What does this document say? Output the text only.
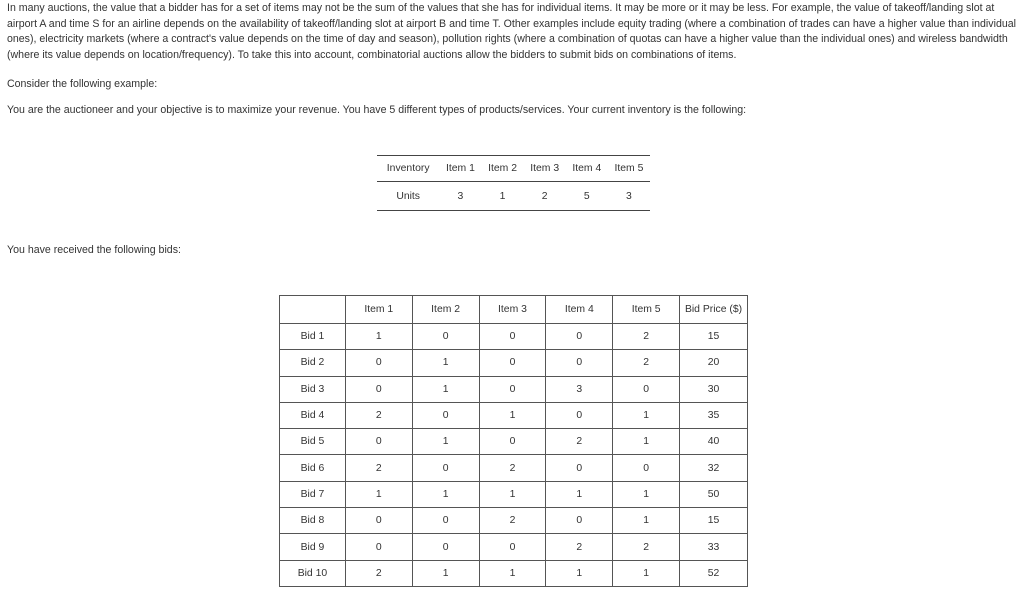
In many auctions, the value that a bidder has for a set of items may not be the sum of the values that she has for individual items. It may be more or it may be less. For example, the value of takeoff/landing slot at airport A and time S for an airline depends on the availability of takeoff/landing slot at airport B and time T. Other examples include equity trading (where a combination of trades can have a higher value than individual ones), electricity markets (where a contract's value depends on the time of day and season), pollution rights (where a combination of quotas can have a higher value than the individual ones) and wireless bandwidth (where its value depends on location/frequency). To take this into account, combinatorial auctions allow the bidders to submit bids on combinations of items.

Consider the following example:

You are the auctioneer and your objective is to maximize your revenue. You have 5 different types of products/services. Your current inventory is the following:

Inventory	Item 1	Item 2	Item 3	Item 4	Item 5
Units	3	1	2	5	3

You have received the following bids:

	Item 1	Item 2	Item 3	Item 4	Item 5	Bid Price ($)
Bid 1	1	0	0	0	2	15
Bid 2	0	1	0	0	2	20
Bid 3	0	1	0	3	0	30
Bid 4	2	0	1	0	1	35
Bid 5	0	1	0	2	1	40
Bid 6	2	0	2	0	0	32
Bid 7	1	1	1	1	1	50
Bid 8	0	0	2	0	1	15
Bid 9	0	0	0	2	2	33
Bid 10	2	1	1	1	1	52
